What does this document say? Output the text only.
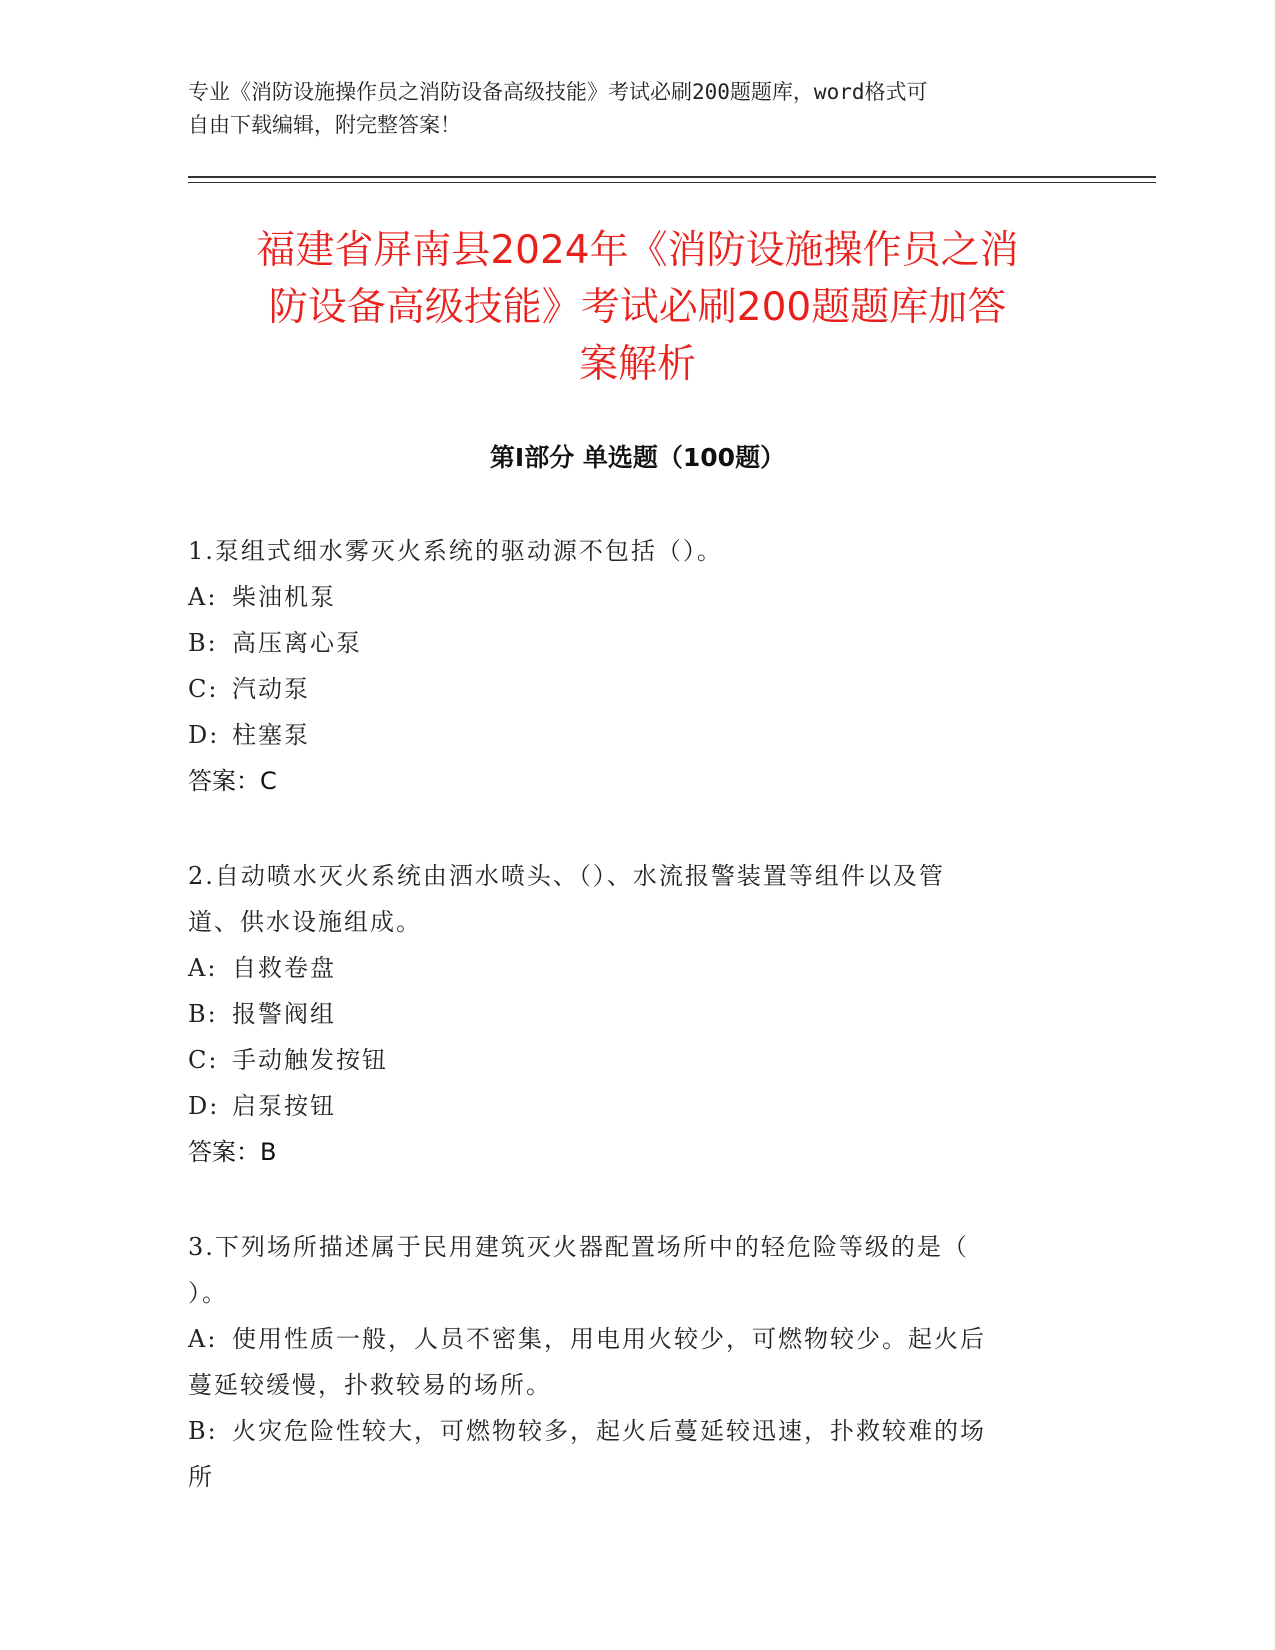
专业《消防设施操作员之消防设备高级技能》考试必刷200题题库，word格式可
自由下载编辑，附完整答案！
福建省屏南县2024年《消防设施操作员之消
防设备高级技能》考试必刷200题题库加答
案解析
第Ⅰ部分 单选题（100题）

1.泵组式细水雾灭火系统的驱动源不包括（）。

A: 柴油机泵

B: 高压离心泵

C: 汽动泵

D: 柱塞泵

答案：C

2.自动喷水灭火系统由洒水喷头、（）、水流报警装置等组件以及管

道、供水设施组成。

A: 自救卷盘

B: 报警阀组

C: 手动触发按钮

D: 启泵按钮

答案：B

3.下列场所描述属于民用建筑灭火器配置场所中的轻危险等级的是（

）。

A: 使用性质一般，人员不密集，用电用火较少，可燃物较少。起火后

蔓延较缓慢，扑救较易的场所。

B: 火灾危险性较大，可燃物较多，起火后蔓延较迅速，扑救较难的场

所
